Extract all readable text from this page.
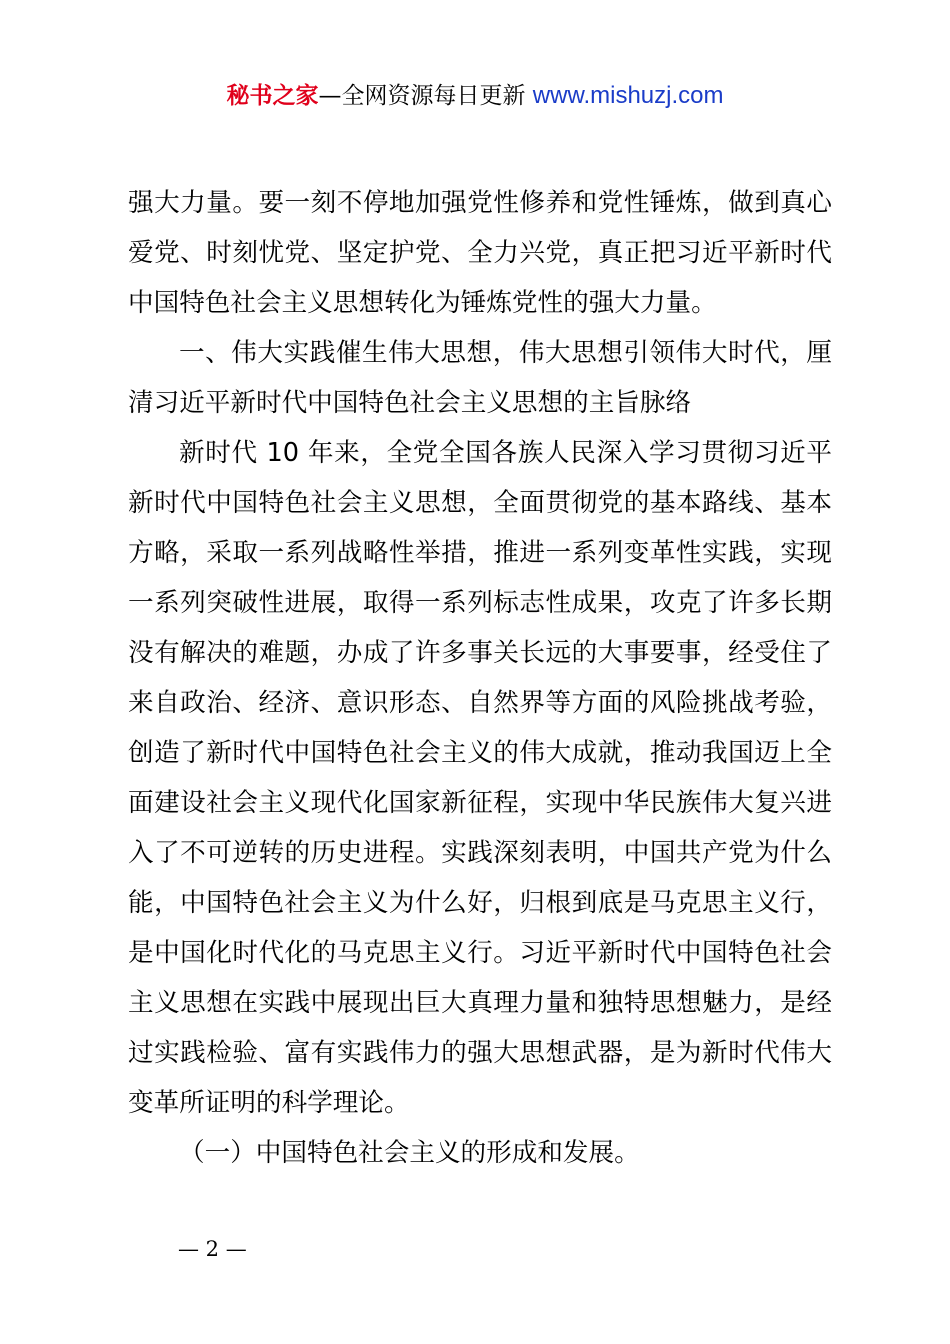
秘书之家—全网资源每日更新 www.mishuzj.com
强大力量。要一刻不停地加强党性修养和党性锤炼，做到真心
爱党、时刻忧党、坚定护党、全力兴党，真正把习近平新时代
中国特色社会主义思想转化为锤炼党性的强大力量。
一、伟大实践催生伟大思想，伟大思想引领伟大时代，厘
清习近平新时代中国特色社会主义思想的主旨脉络
新时代 10 年来，全党全国各族人民深入学习贯彻习近平
新时代中国特色社会主义思想，全面贯彻党的基本路线、基本
方略，采取一系列战略性举措，推进一系列变革性实践，实现
一系列突破性进展，取得一系列标志性成果，攻克了许多长期
没有解决的难题，办成了许多事关长远的大事要事，经受住了
来自政治、经济、意识形态、自然界等方面的风险挑战考验，
创造了新时代中国特色社会主义的伟大成就，推动我国迈上全
面建设社会主义现代化国家新征程，实现中华民族伟大复兴进
入了不可逆转的历史进程。实践深刻表明，中国共产党为什么
能，中国特色社会主义为什么好，归根到底是马克思主义行，
是中国化时代化的马克思主义行。习近平新时代中国特色社会
主义思想在实践中展现出巨大真理力量和独特思想魅力，是经
过实践检验、富有实践伟力的强大思想武器，是为新时代伟大
变革所证明的科学理论。
（一）中国特色社会主义的形成和发展。
— 2 —
